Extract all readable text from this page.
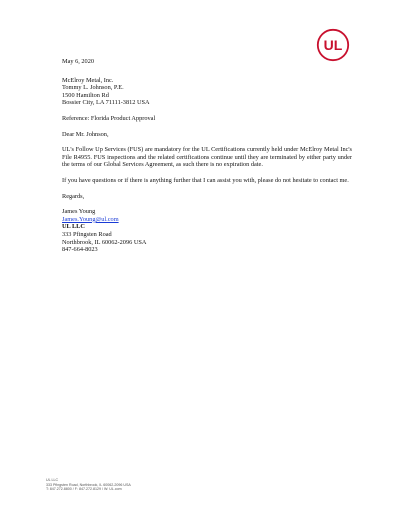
UL
May 6, 2020
McElroy Metal, Inc.
Tommy L. Johnson, P.E.
1500 Hamilton Rd
Bossier City, LA 71111-3812 USA
Reference: Florida Product Approval
Dear Mr. Johnson,

UL's Follow Up Services (FUS) are mandatory for the UL Certifications currently held under McElroy Metal Inc's File R4955. FUS inspections and the related certifications continue until they are terminated by either party under the terms of our Global Services Agreement, as such there is no expiration date.

If you have questions or if there is anything further that I can assist you with, please do not hesitate to contact me.

Regards,
James Young
James.Young@ul.com
UL LLC
333 Pfingsten Road
Northbrook, IL 60062-2096 USA
847-664-8023
UL LLC
333 Pfingsten Road, Northbrook, IL 60062-2096 USA
T: 847.272.8800 / F: 847.272.8129 / W: UL.com
